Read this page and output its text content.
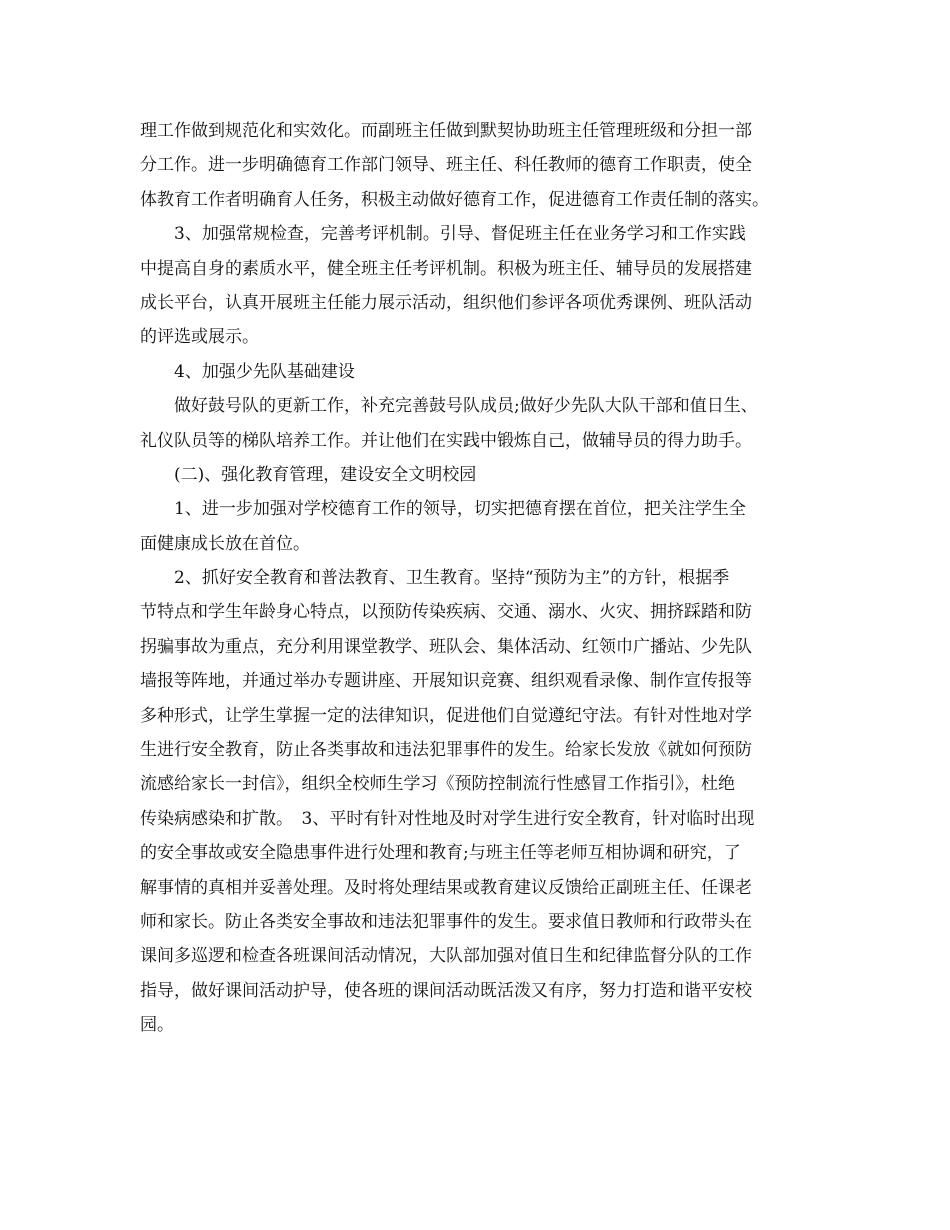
理工作做到规范化和实效化。而副班主任做到默契协助班主任管理班级和分担一部
分工作。进一步明确德育工作部门领导、班主任、科任教师的德育工作职责，使全
体教育工作者明确育人任务，积极主动做好德育工作，促进德育工作责任制的落实。
　　3、加强常规检查，完善考评机制。引导、督促班主任在业务学习和工作实践
中提高自身的素质水平，健全班主任考评机制。积极为班主任、辅导员的发展搭建
成长平台，认真开展班主任能力展示活动，组织他们参评各项优秀课例、班队活动
的评选或展示。
　　4、加强少先队基础建设
　　做好鼓号队的更新工作，补充完善鼓号队成员;做好少先队大队干部和值日生、
礼仪队员等的梯队培养工作。并让他们在实践中锻炼自己，做辅导员的得力助手。
　　(二)、强化教育管理，建设安全文明校园
　　1、进一步加强对学校德育工作的领导，切实把德育摆在首位，把关注学生全
面健康成长放在首位。
　　2、抓好安全教育和普法教育、卫生教育。坚持“预防为主”的方针，根据季
节特点和学生年龄身心特点，以预防传染疾病、交通、溺水、火灾、拥挤踩踏和防
拐骗事故为重点，充分利用课堂教学、班队会、集体活动、红领巾广播站、少先队
墙报等阵地，并通过举办专题讲座、开展知识竞赛、组织观看录像、制作宣传报等
多种形式，让学生掌握一定的法律知识，促进他们自觉遵纪守法。有针对性地对学
生进行安全教育，防止各类事故和违法犯罪事件的发生。给家长发放《就如何预防
流感给家长一封信》，组织全校师生学习《预防控制流行性感冒工作指引》，杜绝
传染病感染和扩散。　3、平时有针对性地及时对学生进行安全教育，针对临时出现
的安全事故或安全隐患事件进行处理和教育;与班主任等老师互相协调和研究，了
解事情的真相并妥善处理。及时将处理结果或教育建议反馈给正副班主任、任课老
师和家长。防止各类安全事故和违法犯罪事件的发生。要求值日教师和行政带头在
课间多巡逻和检查各班课间活动情况，大队部加强对值日生和纪律监督分队的工作
指导，做好课间活动护导，使各班的课间活动既活泼又有序，努力打造和谐平安校
园。
